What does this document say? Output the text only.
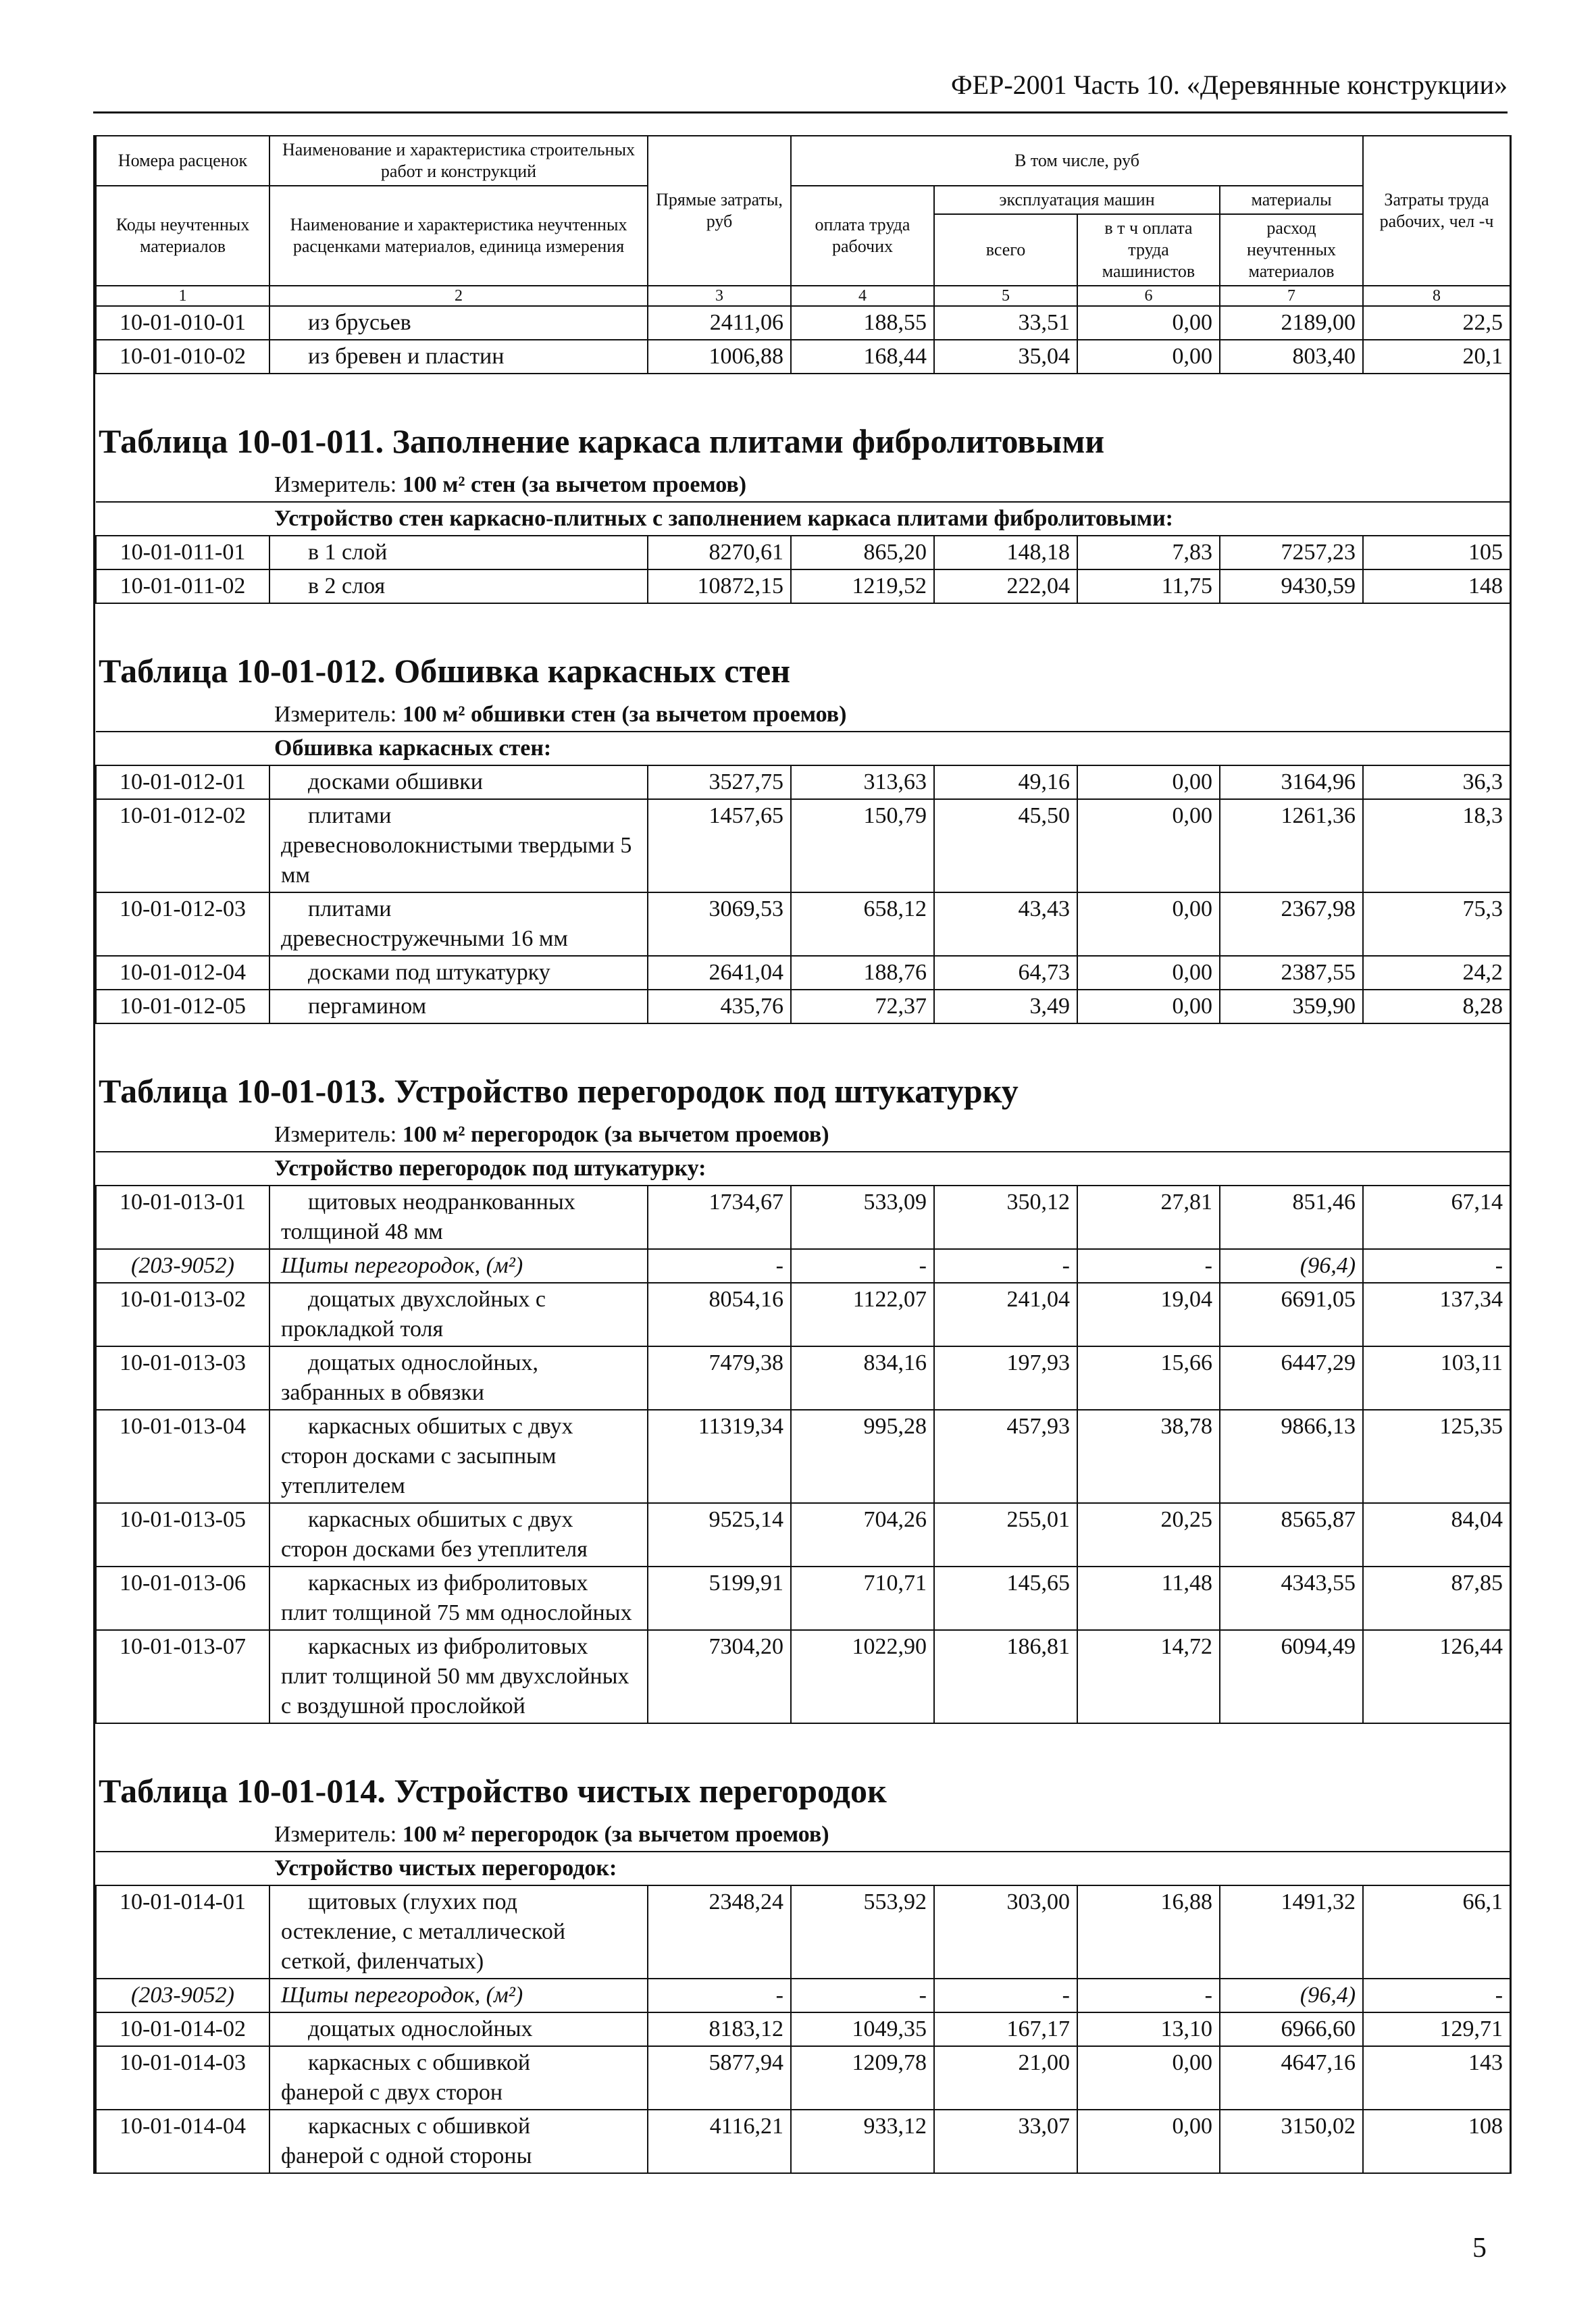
ФЕР-2001 Часть 10. «Деревянные конструкции»
Номера расценок	Наименование и характеристика строительных работ и конструкций	Прямые затраты, руб	В том числе, руб				Затраты труда рабочих, чел -ч
Коды неучтенных материалов	Наименование и характеристика неучтенных расценками материалов, единица измерения		оплата труда рабочих	эксплуатация машин		материалы	
				всего	в т ч оплата труда машинистов	расход неучтенных материалов	
1	2	3	4	5	6	7	8
10-01-010-01	из брусьев	2411,06	188,55	33,51	0,00	2189,00	22,5
10-01-010-02	из бревен и пластин	1006,88	168,44	35,04	0,00	803,40	20,1
Таблица 10-01-011. Заполнение каркаса плитами фибролитовыми							
Измеритель: 100 м² стен (за вычетом проемов)							
Устройство стен каркасно-плитных с заполнением каркаса плитами фибролитовыми:							
10-01-011-01	в 1 слой	8270,61	865,20	148,18	7,83	7257,23	105
10-01-011-02	в 2 слоя	10872,15	1219,52	222,04	11,75	9430,59	148
Таблица 10-01-012. Обшивка каркасных стен							
Измеритель: 100 м² обшивки стен (за вычетом проемов)							
Обшивка каркасных стен:							
10-01-012-01	досками обшивки	3527,75	313,63	49,16	0,00	3164,96	36,3
10-01-012-02	плитами
древесноволокнистыми твердыми 5 мм	1457,65	150,79	45,50	0,00	1261,36	18,3
10-01-012-03	плитами
древесностружечными 16 мм	3069,53	658,12	43,43	0,00	2367,98	75,3
10-01-012-04	досками под штукатурку	2641,04	188,76	64,73	0,00	2387,55	24,2
10-01-012-05	пергамином	435,76	72,37	3,49	0,00	359,90	8,28
Таблица 10-01-013. Устройство перегородок под штукатурку							
Измеритель: 100 м² перегородок (за вычетом проемов)							
Устройство перегородок под штукатурку:							
10-01-013-01	щитовых неодранкованных
толщиной 48 мм	1734,67	533,09	350,12	27,81	851,46	67,14
(203-9052)	Щиты перегородок, (м²)	-	-	-	-	(96,4)	-
10-01-013-02	дощатых двухслойных с
прокладкой толя	8054,16	1122,07	241,04	19,04	6691,05	137,34
10-01-013-03	дощатых однослойных,
забранных в обвязки	7479,38	834,16	197,93	15,66	6447,29	103,11
10-01-013-04	каркасных обшитых с двух
сторон досками с засыпным утеплителем	11319,34	995,28	457,93	38,78	9866,13	125,35
10-01-013-05	каркасных обшитых с двух
сторон досками без утеплителя	9525,14	704,26	255,01	20,25	8565,87	84,04
10-01-013-06	каркасных из фибролитовых
плит толщиной 75 мм однослойных	5199,91	710,71	145,65	11,48	4343,55	87,85
10-01-013-07	каркасных из фибролитовых
плит толщиной 50 мм двухслойных с воздушной прослойкой	7304,20	1022,90	186,81	14,72	6094,49	126,44
Таблица 10-01-014. Устройство чистых перегородок							
Измеритель: 100 м² перегородок (за вычетом проемов)							
Устройство чистых перегородок:							
10-01-014-01	щитовых (глухих под
остекление, с металлической сеткой, филенчатых)	2348,24	553,92	303,00	16,88	1491,32	66,1
(203-9052)	Щиты перегородок, (м²)	-	-	-	-	(96,4)	-
10-01-014-02	дощатых однослойных	8183,12	1049,35	167,17	13,10	6966,60	129,71
10-01-014-03	каркасных с обшивкой
фанерой с двух сторон	5877,94	1209,78	21,00	0,00	4647,16	143
10-01-014-04	каркасных с обшивкой
фанерой с одной стороны	4116,21	933,12	33,07	0,00	3150,02	108
5
